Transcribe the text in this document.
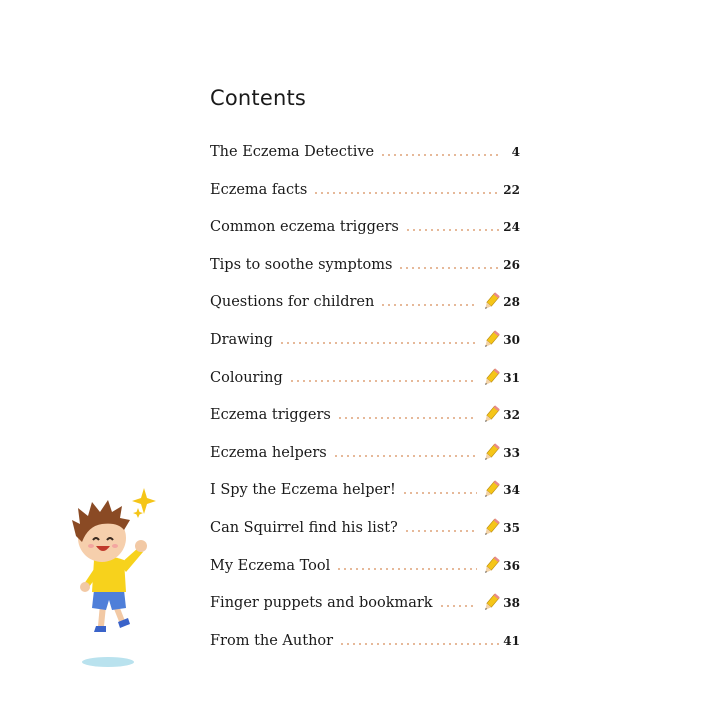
Contents
The Eczema Detective	4
Eczema facts	22
Common eczema triggers	24
Tips to soothe symptoms	26
Questions for children	28
Drawing	30
Colouring	31
Eczema triggers	32
Eczema helpers	33
I Spy the Eczema helper!	34
Can Squirrel find his list?	35
My Eczema Tool	36
Finger puppets and bookmark	38
From the Author	41
